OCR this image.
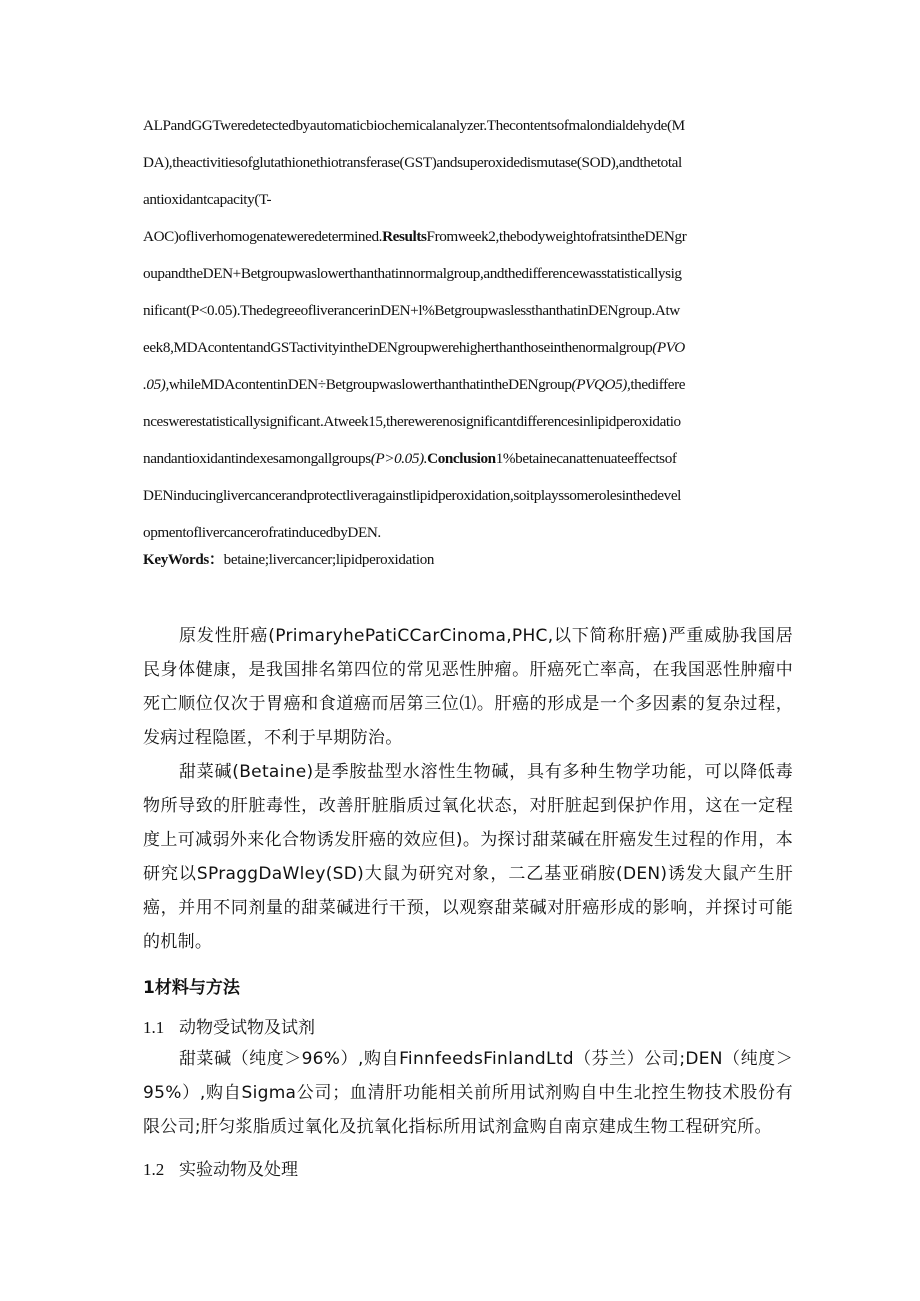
ALPandGGTweredetectedbyautomaticbiochemicalanalyzer.Thecontentsofmalondialdehyde(M
DA),theactivitiesofglutathionethiotransferase(GST)andsuperoxidedismutase(SOD),andthetotal
antioxidantcapacity(T-
AOC)ofliverhomogenateweredetermined.ResultsFromweek2,thebodyweightofratsintheDENgr
oupandtheDEN+Betgroupwaslowerthanthatinnormalgroup,andthedifferencewasstatisticallysig
nificant(P<0.05).ThedegreeofliverancerinDEN+l%BetgroupwaslessthanthatinDENgroup.Atw
eek8,MDAcontentandGSTactivityintheDENgroupwerehigherthanthoseinthenormalgroup(PVO
.05),whileMDAcontentinDEN÷BetgroupwaslowerthanthatintheDENgroup(PVQO5),thediffere
nceswerestatisticallysignificant.Atweek15,therewerenosignificantdifferencesinlipidperoxidatio
nandantioxidantindexesamongallgroups(P>0.05).Conclusion1%betainecanattenuateeffectsof
DENinducinglivercancerandprotectliveragainstlipidperoxidation,soitplayssomerolesinthedevel
opmentoflivercancerofratinducedbyDEN.
KeyWords：betaine;livercancer;lipidperoxidation

原发性肝癌(PrimaryhePatiCCarCinoma,PHC,以下简称肝癌)严重威胁我国居民身体健康，是我国排名第四位的常见恶性肿瘤。肝癌死亡率高，在我国恶性肿瘤中死亡顺位仅次于胃癌和食道癌而居第三位⑴。肝癌的形成是一个多因素的复杂过程，发病过程隐匿，不利于早期防治。

甜菜碱(Betaine)是季胺盐型水溶性生物碱，具有多种生物学功能，可以降低毒物所导致的肝脏毒性，改善肝脏脂质过氧化状态，对肝脏起到保护作用，这在一定程度上可减弱外来化合物诱发肝癌的效应但)。为探讨甜菜碱在肝癌发生过程的作用，本研究以SPraggDaWley(SD)大鼠为研究对象，二乙基亚硝胺(DEN)诱发大鼠产生肝癌，并用不同剂量的甜菜碱进行干预，以观察甜菜碱对肝癌形成的影响，并探讨可能的机制。

1材料与方法
1.1 动物受试物及试剂

甜菜碱（纯度＞96%）,购自FinnfeedsFinlandLtd（芬兰）公司;DEN（纯度＞95%）,购自Sigma公司；血清肝功能相关前所用试剂购自中生北控生物技术股份有限公司;肝匀浆脂质过氧化及抗氧化指标所用试剂盒购自南京建成生物工程研究所。

1.2 实验动物及处理
